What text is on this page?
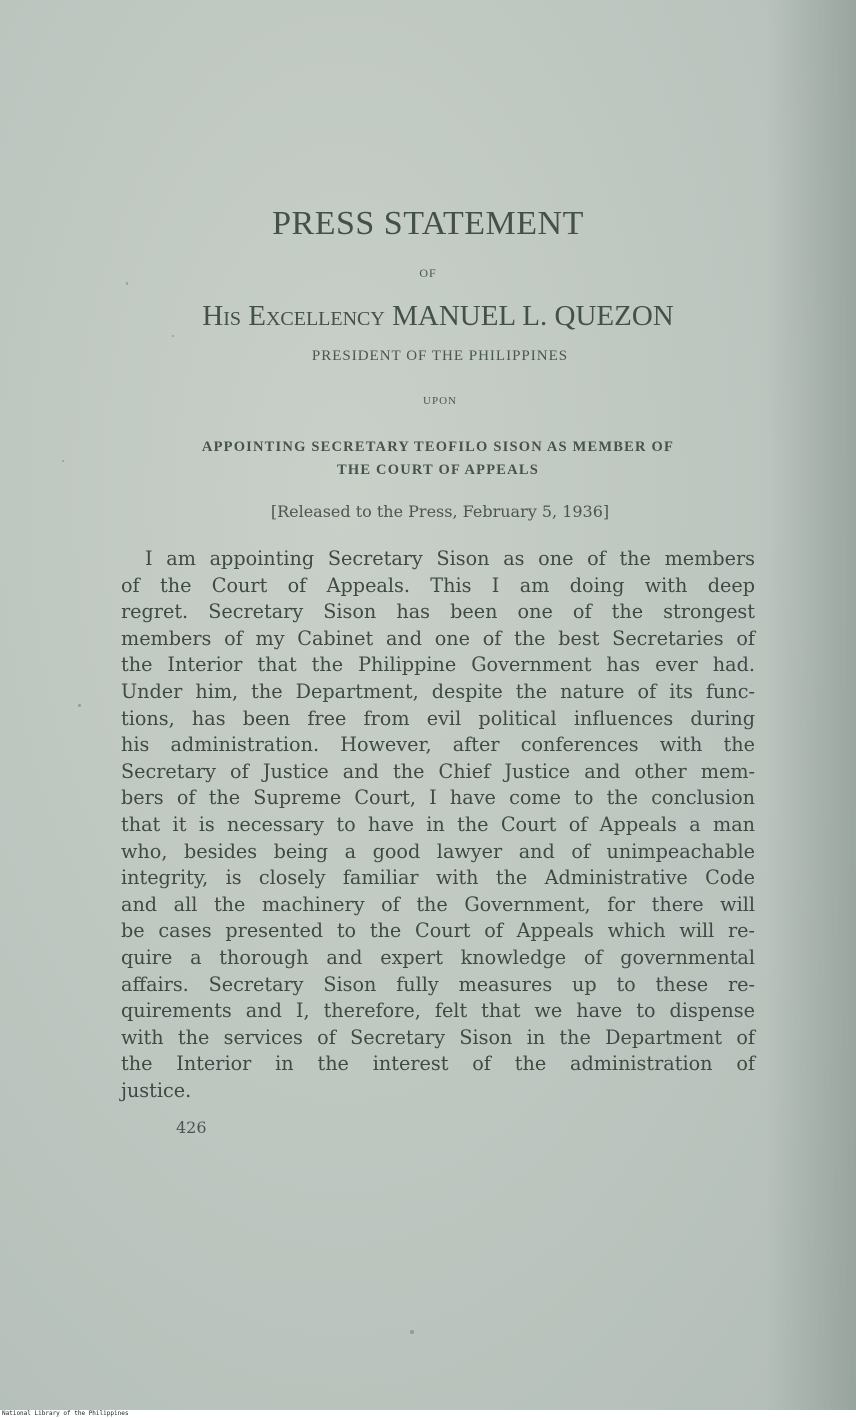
PRESS STATEMENT
OF
His Excellency MANUEL L. QUEZON
PRESIDENT OF THE PHILIPPINES
UPON
APPOINTING SECRETARY TEOFILO SISON AS MEMBER OF
THE COURT OF APPEALS
[Released to the Press, February 5, 1936]
I am appointing Secretary Sison as one of the members
of the Court of Appeals. This I am doing with deep
regret. Secretary Sison has been one of the strongest
members of my Cabinet and one of the best Secretaries of
the Interior that the Philippine Government has ever had.
Under him, the Department, despite the nature of its func-
tions, has been free from evil political influences during
his administration. However, after conferences with the
Secretary of Justice and the Chief Justice and other mem-
bers of the Supreme Court, I have come to the conclusion
that it is necessary to have in the Court of Appeals a man
who, besides being a good lawyer and of unimpeachable
integrity, is closely familiar with the Administrative Code
and all the machinery of the Government, for there will
be cases presented to the Court of Appeals which will re-
quire a thorough and expert knowledge of governmental
affairs. Secretary Sison fully measures up to these re-
quirements and I, therefore, felt that we have to dispense
with the services of Secretary Sison in the Department of
the Interior in the interest of the administration of
justice.
426
National Library of the Philippines
